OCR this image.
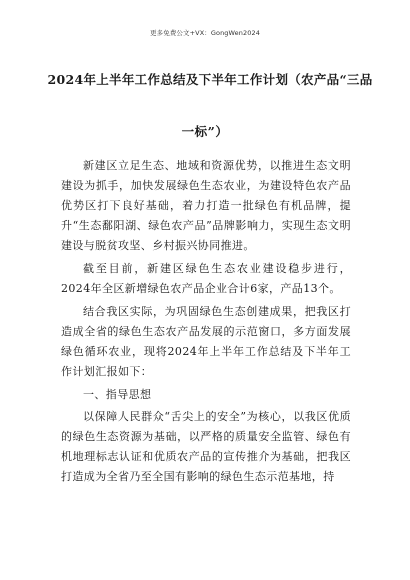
更多免费公文+VX：GongWen2024
2024年上半年工作总结及下半年工作计划（农产品“三品
一标”）

新建区立足生态、地域和资源优势，以推进生态文明建设为抓手，加快发展绿色生态农业，为建设特色农产品优势区打下良好基础，着力打造一批绿色有机品牌，提升“生态鄱阳湖、绿色农产品”品牌影响力，实现生态文明建设与脱贫攻坚、乡村振兴协同推进。

截至目前，新建区绿色生态农业建设稳步进行，2024年全区新增绿色农产品企业合计6家，产品13个。

结合我区实际，为巩固绿色生态创建成果，把我区打造成全省的绿色生态农产品发展的示范窗口，多方面发展绿色循环农业，现将2024年上半年工作总结及下半年工作计划汇报如下：

一、指导思想

以保障人民群众“舌尖上的安全”为核心，以我区优质的绿色生态资源为基础，以严格的质量安全监管、绿色有机地理标志认证和优质农产品的宣传推介为基础，把我区打造成为全省乃至全国有影响的绿色生态示范基地，持
